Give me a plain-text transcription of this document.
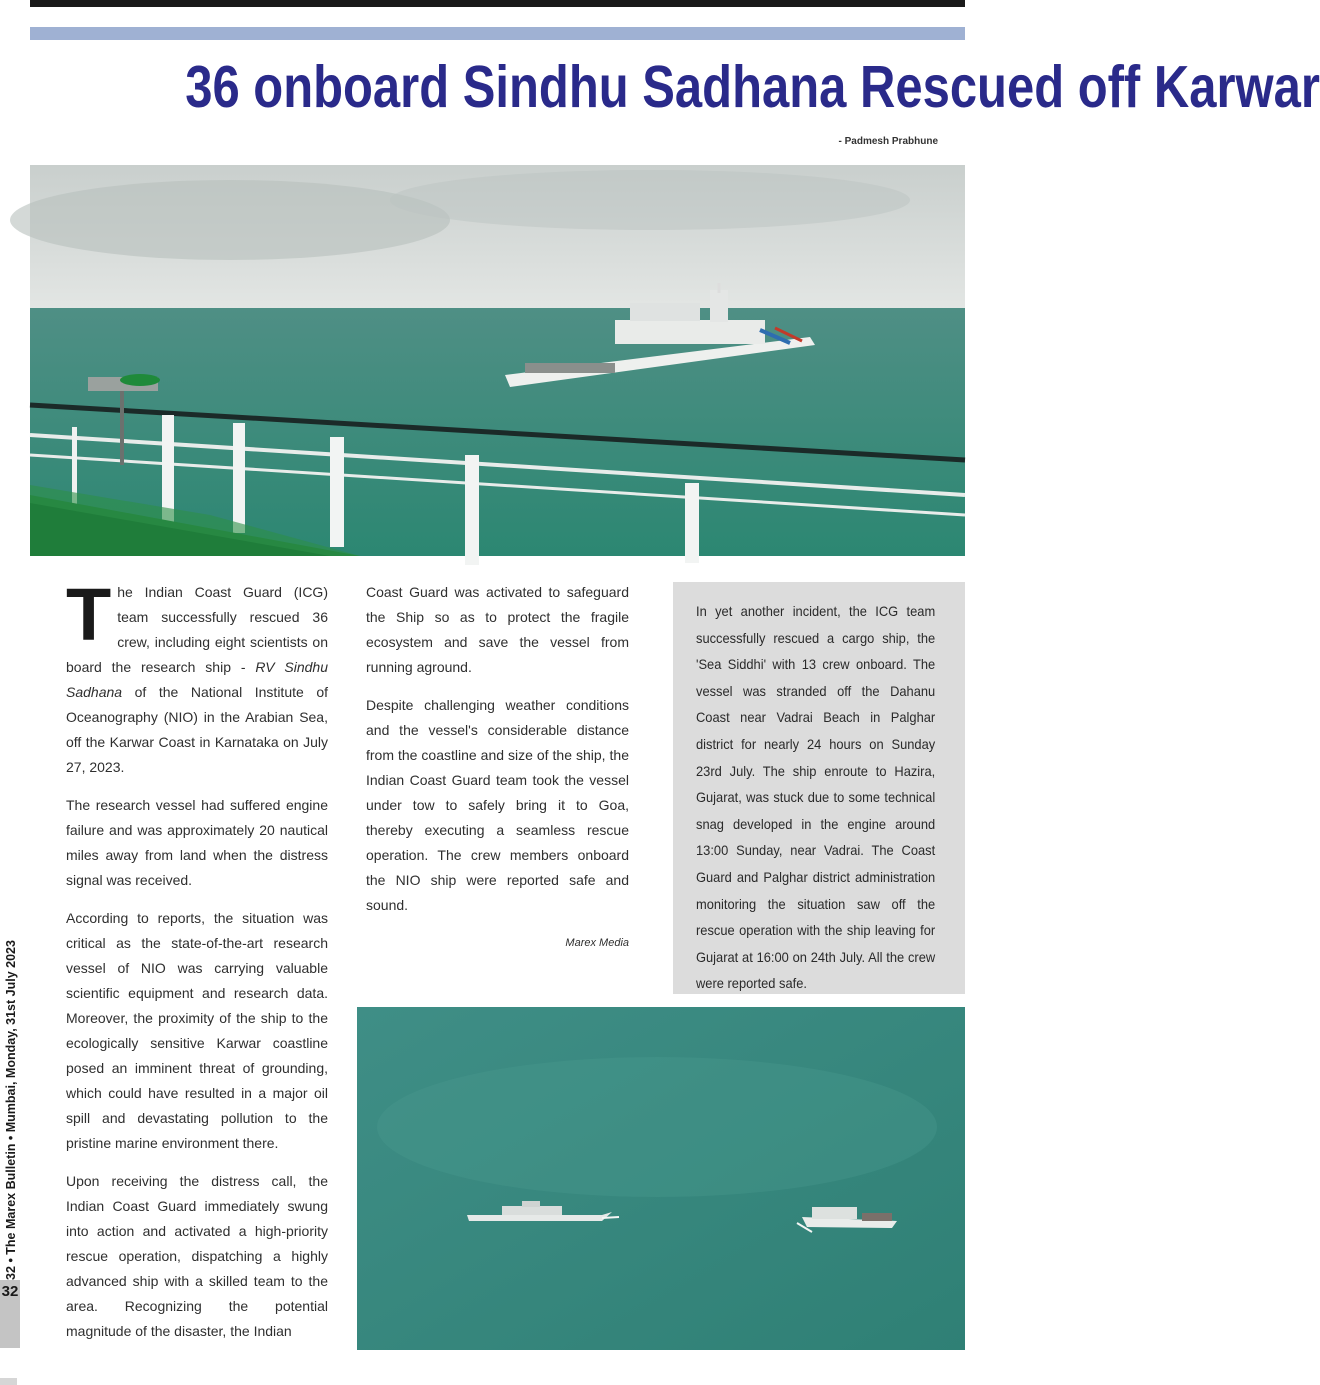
36 onboard Sindhu Sadhana Rescued off Karwar
- Padmesh Prabhune

The Indian Coast Guard (ICG) team successfully rescued 36 crew, including eight scientists on board the research ship - RV Sindhu Sadhana of the National Institute of Oceanography (NIO) in the Arabian Sea, off the Karwar Coast in Karnataka on July 27, 2023.

The research vessel had suffered engine failure and was approximately 20 nautical miles away from land when the distress signal was received.

According to reports, the situation was critical as the state-of-the-art research vessel of NIO was carrying valuable scientific equipment and research data. Moreover, the proximity of the ship to the ecologically sensitive Karwar coastline posed an imminent threat of grounding, which could have resulted in a major oil spill and devastating pollution to the pristine marine environment there.

Upon receiving the distress call, the Indian Coast Guard immediately swung into action and activated a high-priority rescue operation, dispatching a highly advanced ship with a skilled team to the area. Recognizing the potential magnitude of the disaster, the Indian

Coast Guard was activated to safeguard the Ship so as to protect the fragile ecosystem and save the vessel from running aground.

Despite challenging weather conditions and the vessel's considerable distance from the coastline and size of the ship, the Indian Coast Guard team took the vessel under tow to safely bring it to Goa, thereby executing a seamless rescue operation. The crew members onboard the NIO ship were reported safe and sound.

Marex Media

In yet another incident, the ICG team successfully rescued a cargo ship, the 'Sea Siddhi' with 13 crew onboard. The vessel was stranded off the Dahanu Coast near Vadrai Beach in Palghar district for nearly 24 hours on Sunday 23rd July. The ship enroute to Hazira, Gujarat, was stuck due to some technical snag developed in the engine around 13:00 Sunday, near Vadrai. The Coast Guard and Palghar district administration monitoring the situation saw off the rescue operation with the ship leaving for Gujarat at 16:00 on 24th July. All the crew were reported safe.

32 • The Marex Bulletin • Mumbai, Monday, 31st July 2023
32
